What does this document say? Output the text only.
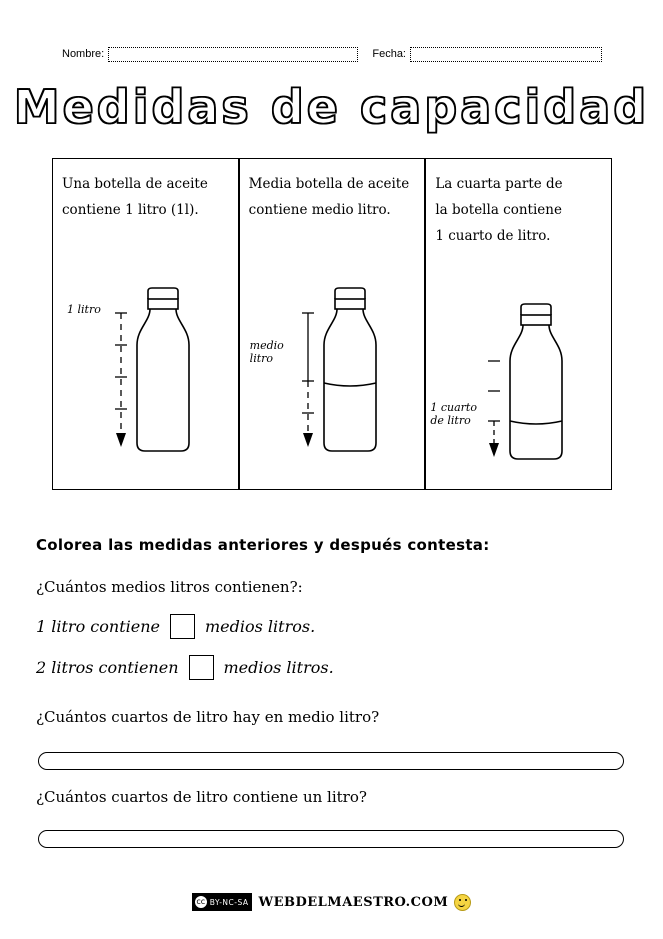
Nombre:	Fecha:
Medidas de capacidad
Una botella de aceite
contiene 1 litro (1l).
1 litro
Media botella de aceite
contiene medio litro.
medio
litro
La cuarta parte de
la botella contiene
1 cuarto de litro.
1 cuarto
de litro
Colorea las medidas anteriores y después contesta:
¿Cuántos medios litros contienen?:
1 litro contiene	medios litros.
2 litros contienen	medios litros.
¿Cuántos cuartos de litro hay en medio litro?
¿Cuántos cuartos de litro contiene un litro?
cc BY-NC-SA WEBDELMAESTRO.COM
